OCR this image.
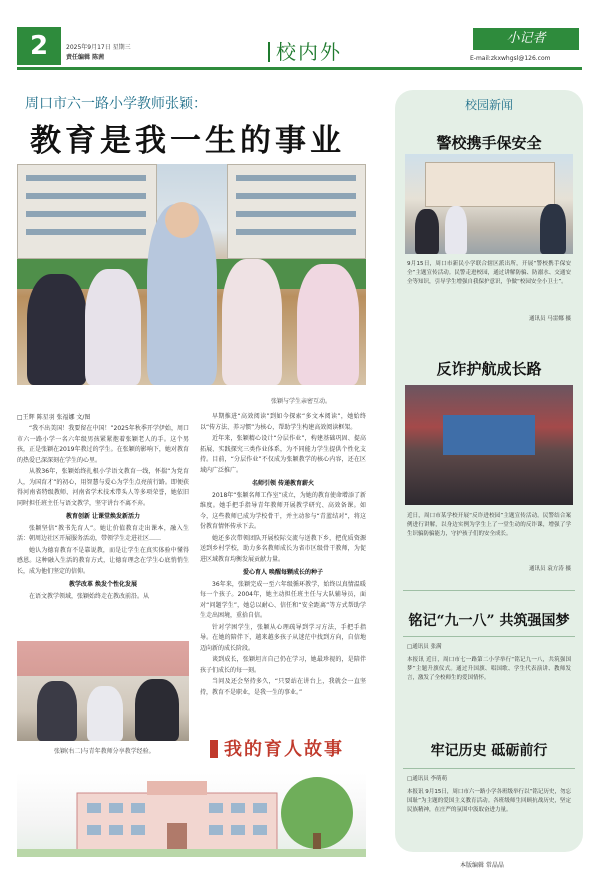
2	2025年9月17日 星期三
责任编辑 陈茜	校内外
小记者
E-mail:zkxwhgsl@126.com
周口市六一路小学教师张颖：
教育是我一生的事业
张颖与学生亲密互动。
□王辉 陈星羽 张福娜 文/图

“我不出美国！我要留在中国！”2025年秋季开学伊始，周口市六一路小学一名六年级男孩紧紧抱着张颖老人的手。这个男孩，正是张颖在2019年教过的学生。在张颖的影响下，她对教育的热爱已深深刻在学生的心里。

从教36年，张颖始终扎根小学语文教育一线，怀揣“为党育人，为国育才”的初心，用智慧与爱心为学生点亮前行路。即便获得河南省特级教师、河南省学术技术带头人等多项荣誉，她依旧同时担任班主任与语文教学，坚守讲台不离不弃。

教育创新 让课堂焕发新活力

张颖坚信“教书先育人”。她让价值教育走出课本，融入生活：朝周边社区开展服务活动，带领学生走进社区……

她认为德育教育不是靠说教，而是让学生在真实体验中懂得感恩。这种融入生活的教育方式，让德育理念在学生心底悄悄生长，成为他们坚定的信仰。

教学改革 焕发个性化发展

在语文教学领域，张颖始终走在教改前沿。从

张颖(右二)与青年教师分享教学经验。

早期推进“高效阅读”到如今探索“多文本阅读”，她始终以“传方法、养习惯”为核心，帮助学生构建高效阅读框架。

近年来，张颖精心设计“分层作业”，构建基础巩固、提高拓展、实践探究三类作业体系，为不同能力学生提供个性化支持。目前，“分层作业”不仅成为张颖教学的核心内容，还在区域内广泛推广。

名师引领 传递教育薪火

2018年“张颖名师工作室”成立，为她的教育使命增添了新维度。她手把手指导青年教师开展教学研究、高效备课。如今，这些教师已成为学校骨干，并主动参与“青蓝结对”，将这份教育情怀传承下去。

她还多次带领团队开展校际交流与送教下乡，把优质资源送到乡村学校，助力多名教师成长为省市区级骨干教师，为促进区域教育均衡发展贡献力量。

爱心育人 唤醒每颗成长的种子

36年来，张颖完成一至六年级循环教学，始终以真情温暖每一个孩子。2004年，她主动担任班主任与大队辅导员，面对“问题学生”，她总以耐心、信任和“安全距离”等方式帮助学生走出困境，重拾自信。

针对学困学生，张颖从心理疏导到学习方法，手把手指导。在她的陪伴下，越来越多孩子从迷茫中找到方向，自信地迈向新的成长阶段。

谈到成长，张颖坦言自己仍在学习，她最珍视的，是陪伴孩子们成长的每一刻。

当问及还会坚持多久，“只要站在讲台上，我就会一直坚持，教育不是职业，是我一生的事业。”

我的育人故事
校园新闻
警校携手保安全
9月15日，周口市新民小学联合辖区派出所，开展“警校携手保安全”主题宣传活动。民警走进校园，通过讲解防骗、防溺水、交通安全等知识，引导学生增强自我保护意识，争做“校园安全小卫士”。
通讯员 马雷娜 摄
反诈护航成长路
近日，周口市某学校开展“反诈进校园”主题宣传活动。民警结合案例进行讲解，以身边实例为学生上了一堂生动的反诈课，增强了学生识骗防骗能力，守护孩子们的安全成长。
通讯员 袁方涛 摄
铭记“九一八” 共筑强国梦
□通讯员 张满
本报讯 近日，周口市七一路第二小学举行“铭记九一八，共筑强国梦”主题升旗仪式。通过升国旗、唱国歌、学生代表演讲、教师发言，激发了全校师生的爱国情怀。
牢记历史 砥砺前行
□通讯员 李萌萌
本报讯 9月15日，周口市六一路小学各班级举行以“铭记历史，勿忘国耻”为主题的爱国主义教育活动。各班级师生回顾抗战历史，坚定民族精神，在庄严的氛围中汲取奋进力量。
本版编辑 常晶晶
